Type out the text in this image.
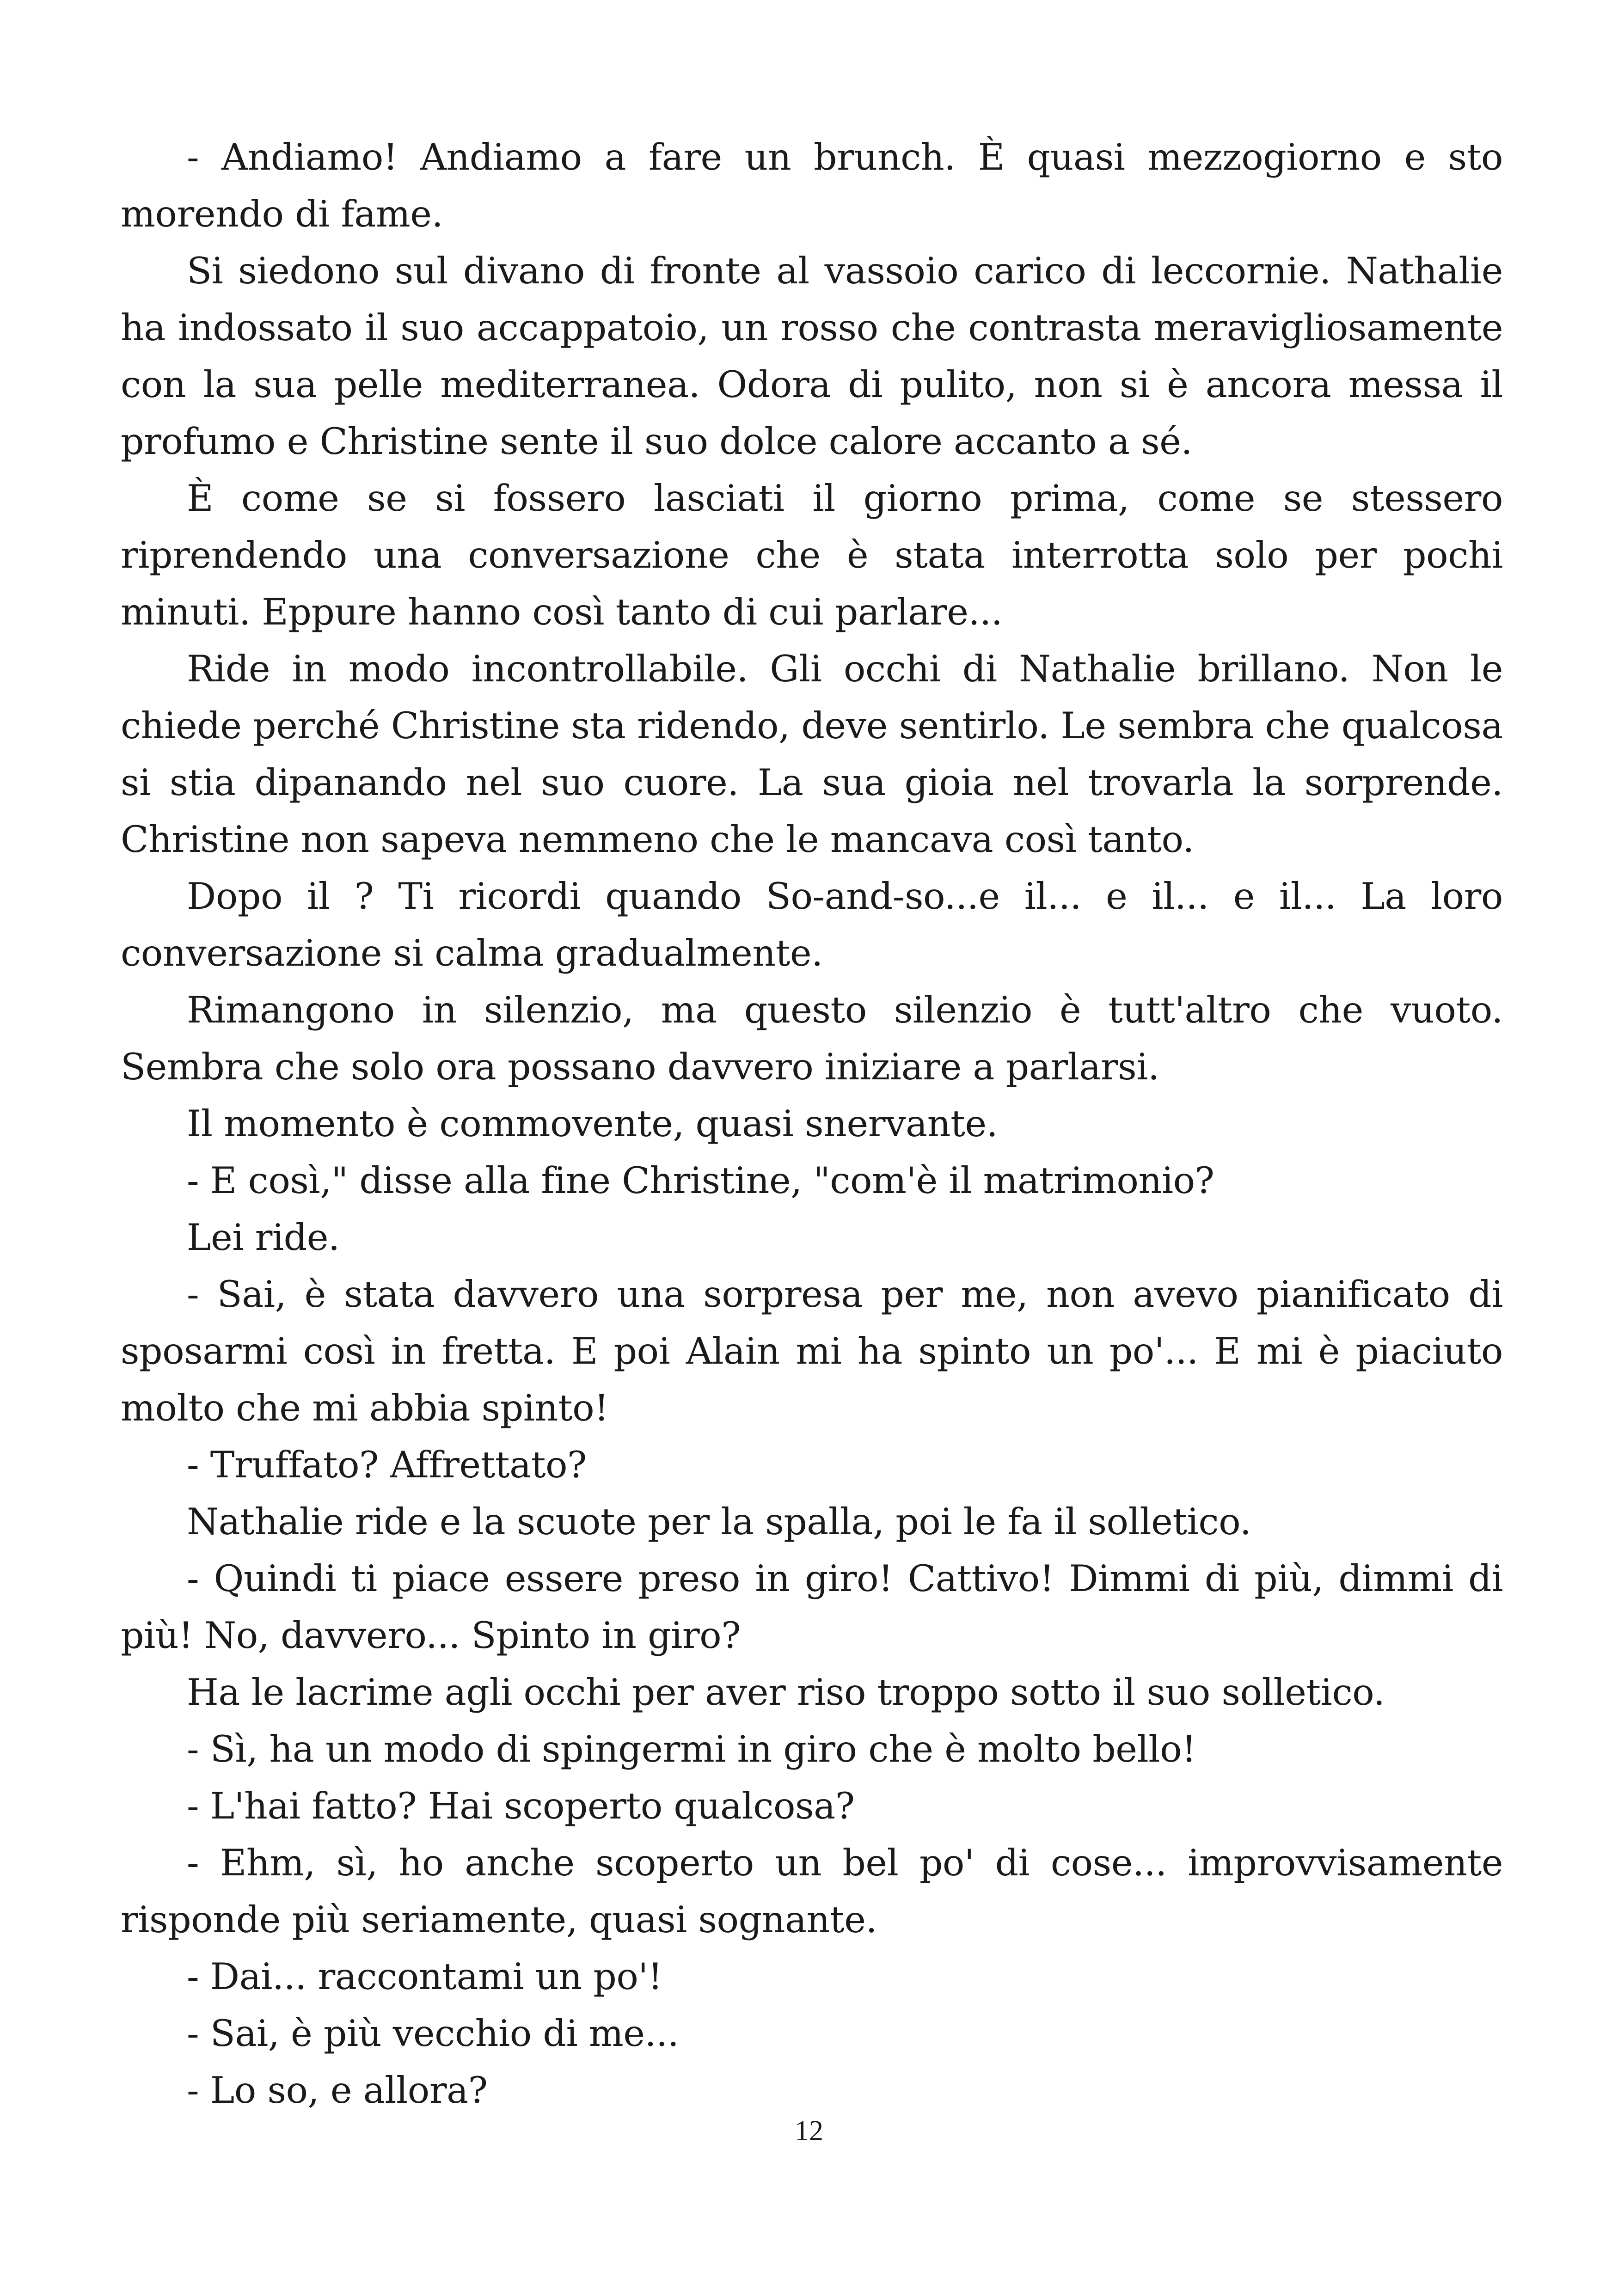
- Andiamo! Andiamo a fare un brunch. È quasi mezzogiorno e sto morendo di fame.

Si siedono sul divano di fronte al vassoio carico di leccornie. Nathalie ha indossato il suo accappatoio, un rosso che contrasta meravigliosamente con la sua pelle mediterranea. Odora di pulito, non si è ancora messa il profumo e Christine sente il suo dolce calore accanto a sé.

È come se si fossero lasciati il giorno prima, come se stessero riprendendo una conversazione che è stata interrotta solo per pochi minuti. Eppure hanno così tanto di cui parlare...

Ride in modo incontrollabile. Gli occhi di Nathalie brillano. Non le chiede perché Christine sta ridendo, deve sentirlo. Le sembra che qualcosa si stia dipanando nel suo cuore. La sua gioia nel trovarla la sorprende. Christine non sapeva nemmeno che le mancava così tanto.

Dopo il ? Ti ricordi quando So-and-so...e il... e il... e il... La loro conversazione si calma gradualmente.

Rimangono in silenzio, ma questo silenzio è tutt'altro che vuoto. Sembra che solo ora possano davvero iniziare a parlarsi.

Il momento è commovente, quasi snervante.

- E così," disse alla fine Christine, "com'è il matrimonio?

Lei ride.

- Sai, è stata davvero una sorpresa per me, non avevo pianificato di sposarmi così in fretta. E poi Alain mi ha spinto un po'... E mi è piaciuto molto che mi abbia spinto!

- Truffato? Affrettato?

Nathalie ride e la scuote per la spalla, poi le fa il solletico.

- Quindi ti piace essere preso in giro! Cattivo! Dimmi di più, dimmi di più! No, davvero... Spinto in giro?

Ha le lacrime agli occhi per aver riso troppo sotto il suo solletico.

- Sì, ha un modo di spingermi in giro che è molto bello!

- L'hai fatto? Hai scoperto qualcosa?

- Ehm, sì, ho anche scoperto un bel po' di cose... improvvisamente risponde più seriamente, quasi sognante.

- Dai... raccontami un po'!

- Sai, è più vecchio di me...

- Lo so, e allora?

12
